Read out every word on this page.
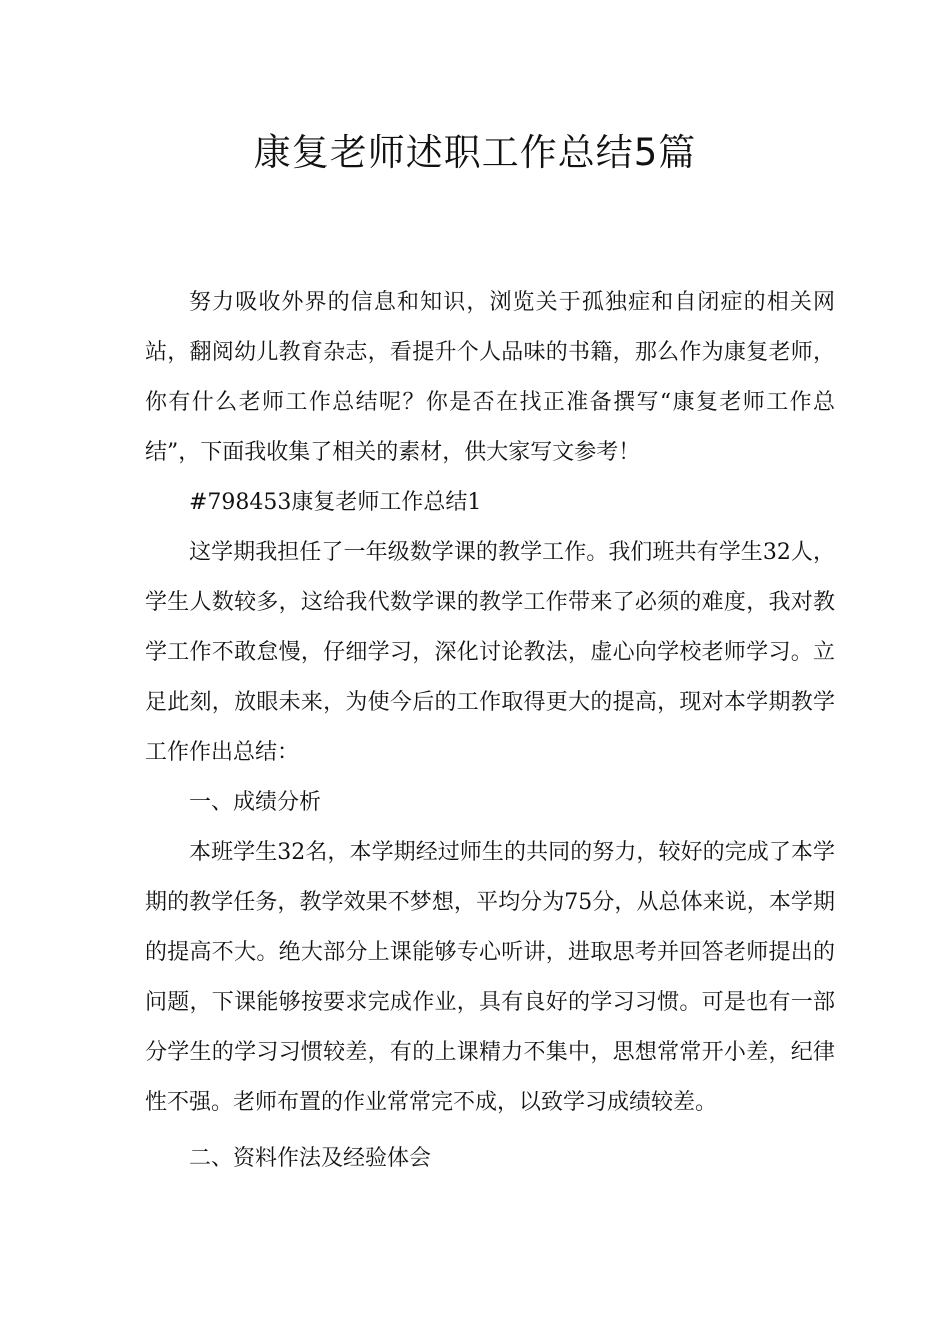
康复老师述职工作总结5篇

努力吸收外界的信息和知识，浏览关于孤独症和自闭症的相关网站，翻阅幼儿教育杂志，看提升个人品味的书籍，那么作为康复老师，你有什么老师工作总结呢？你是否在找正准备撰写“康复老师工作总结”，下面我收集了相关的素材，供大家写文参考！

#798453康复老师工作总结1

这学期我担任了一年级数学课的教学工作。我们班共有学生32人，学生人数较多，这给我代数学课的教学工作带来了必须的难度，我对教学工作不敢怠慢，仔细学习，深化讨论教法，虚心向学校老师学习。立足此刻，放眼未来，为使今后的工作取得更大的提高，现对本学期教学工作作出总结：

一、成绩分析

本班学生32名，本学期经过师生的共同的努力，较好的完成了本学期的教学任务，教学效果不梦想，平均分为75分，从总体来说，本学期的提高不大。绝大部分上课能够专心听讲，进取思考并回答老师提出的问题，下课能够按要求完成作业，具有良好的学习习惯。可是也有一部分学生的学习习惯较差，有的上课精力不集中，思想常常开小差，纪律性不强。老师布置的作业常常完不成，以致学习成绩较差。

二、资料作法及经验体会
